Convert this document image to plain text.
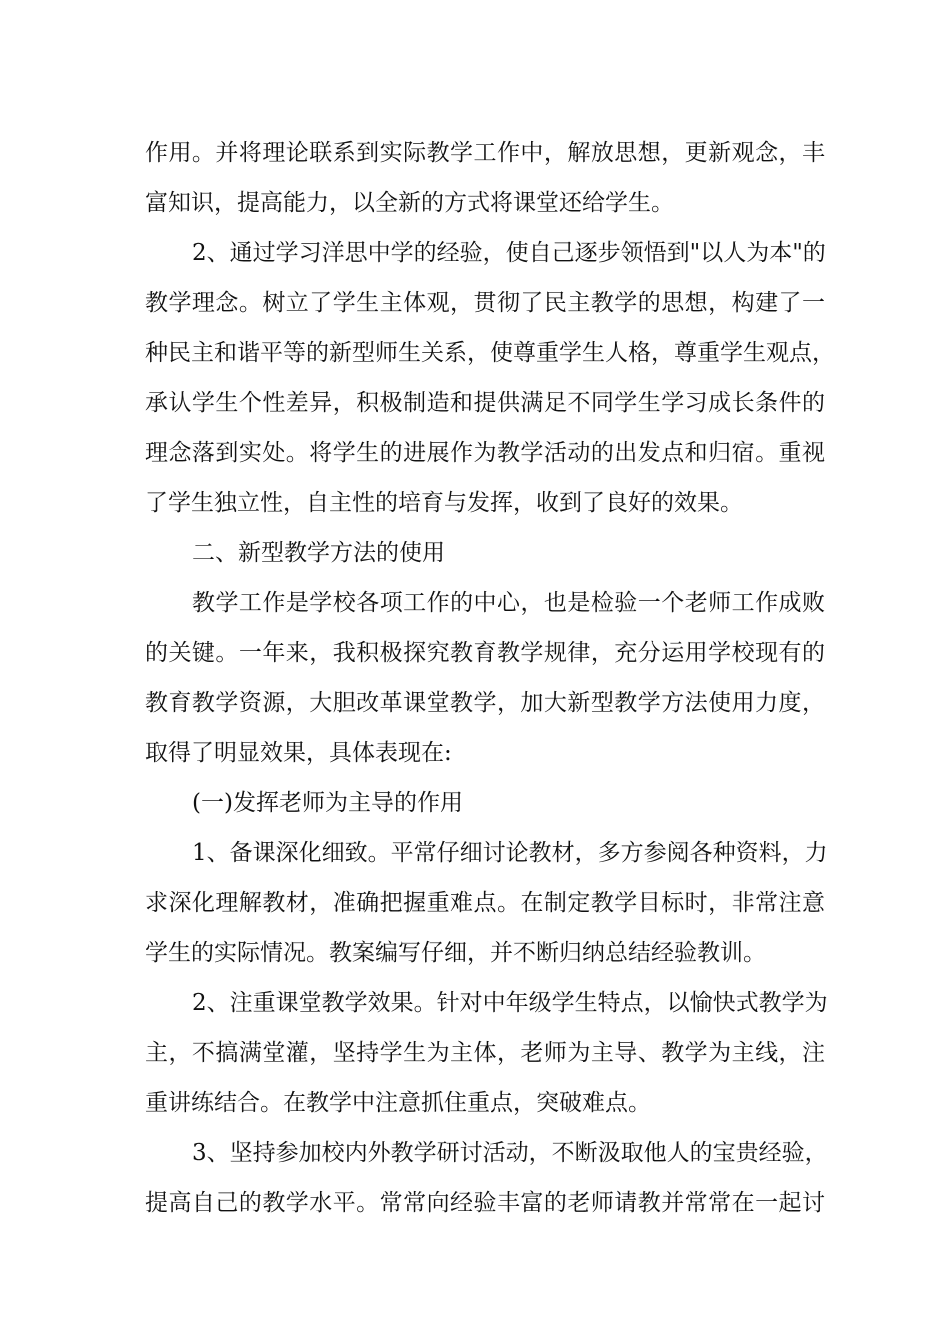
作用。并将理论联系到实际教学工作中，解放思想，更新观念，丰
富知识，提高能力，以全新的方式将课堂还给学生。
2、通过学习洋思中学的经验，使自己逐步领悟到"以人为本"的
教学理念。树立了学生主体观，贯彻了民主教学的思想，构建了一
种民主和谐平等的新型师生关系，使尊重学生人格，尊重学生观点，
承认学生个性差异，积极制造和提供满足不同学生学习成长条件的
理念落到实处。将学生的进展作为教学活动的出发点和归宿。重视
了学生独立性，自主性的培育与发挥，收到了良好的效果。
二、新型教学方法的使用
教学工作是学校各项工作的中心，也是检验一个老师工作成败
的关键。一年来，我积极探究教育教学规律，充分运用学校现有的
教育教学资源，大胆改革课堂教学，加大新型教学方法使用力度，
取得了明显效果，具体表现在:
(一)发挥老师为主导的作用
1、备课深化细致。平常仔细讨论教材，多方参阅各种资料，力
求深化理解教材，准确把握重难点。在制定教学目标时，非常注意
学生的实际情况。教案编写仔细，并不断归纳总结经验教训。
2、注重课堂教学效果。针对中年级学生特点，以愉快式教学为
主，不搞满堂灌，坚持学生为主体，老师为主导、教学为主线，注
重讲练结合。在教学中注意抓住重点，突破难点。
3、坚持参加校内外教学研讨活动，不断汲取他人的宝贵经验，
提高自己的教学水平。常常向经验丰富的老师请教并常常在一起讨
